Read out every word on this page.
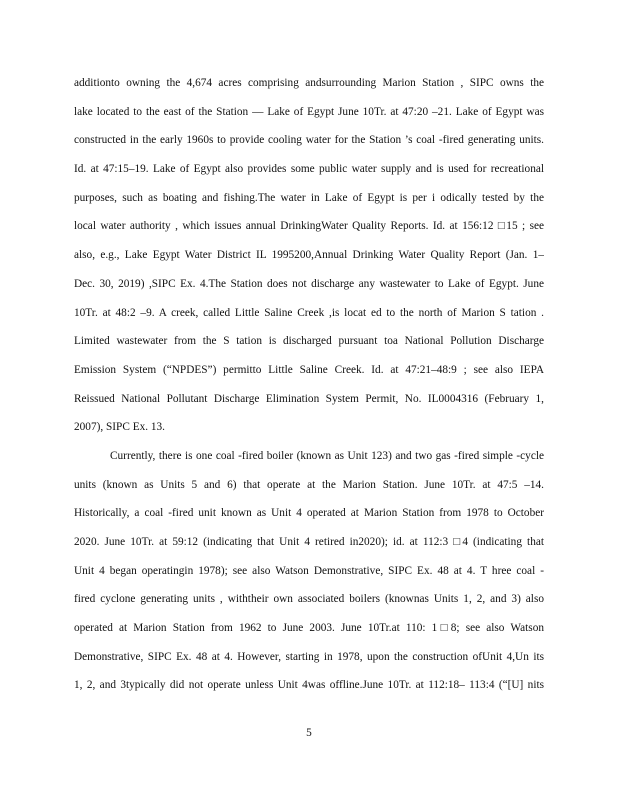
additionto owning the 4,674 acres comprising andsurrounding Marion Station , SIPC owns the
lake located to the east of the Station — Lake of Egypt June 10Tr. at 47:20 –21. Lake of Egypt was
constructed in the early 1960s to provide cooling water for the Station ’s coal -fired generating units.
Id. at 47:15–19. Lake of Egypt also provides some public water supply and is used for recreational
purposes, such as boating and fishing.The water in Lake of Egypt is per i odically tested by the
local water authority , which issues annual DrinkingWater Quality Reports. Id. at 156:12 □15 ; see
also, e.g., Lake Egypt Water District IL 1995200,Annual Drinking Water Quality Report (Jan. 1–
Dec. 30, 2019) ,SIPC Ex. 4.The Station does not discharge any wastewater to Lake of Egypt. June
10Tr. at 48:2 –9. A creek, called Little Saline Creek ,is locat ed to the north of Marion S tation .
Limited wastewater from the S tation is discharged pursuant toa National Pollution Discharge
Emission System (“NPDES”) permitto Little Saline Creek. Id. at 47:21–48:9 ; see also IEPA
Reissued National Pollutant Discharge Elimination System Permit, No. IL0004316 (February 1,
2007), SIPC Ex. 13.
Currently, there is one coal -fired boiler (known as Unit 123) and two gas -fired simple -cycle
units (known as Units 5 and 6) that operate at the Marion Station. June 10Tr. at 47:5 –14.
Historically, a coal -fired unit known as Unit 4 operated at Marion Station from 1978 to October
2020. June 10Tr. at 59:12 (indicating that Unit 4 retired in2020); id. at 112:3 □4 (indicating that
Unit 4 began operatingin 1978); see also Watson Demonstrative, SIPC Ex. 48 at 4. T hree coal -
fired cyclone generating units , withtheir own associated boilers (knownas Units 1, 2, and 3) also
operated at Marion Station from 1962 to June 2003. June 10Tr.at 110: 1□8; see also Watson
Demonstrative, SIPC Ex. 48 at 4. However, starting in 1978, upon the construction ofUnit 4,Un its
1, 2, and 3typically did not operate unless Unit 4was offline.June 10Tr. at 112:18– 113:4 (“[U] nits
5
